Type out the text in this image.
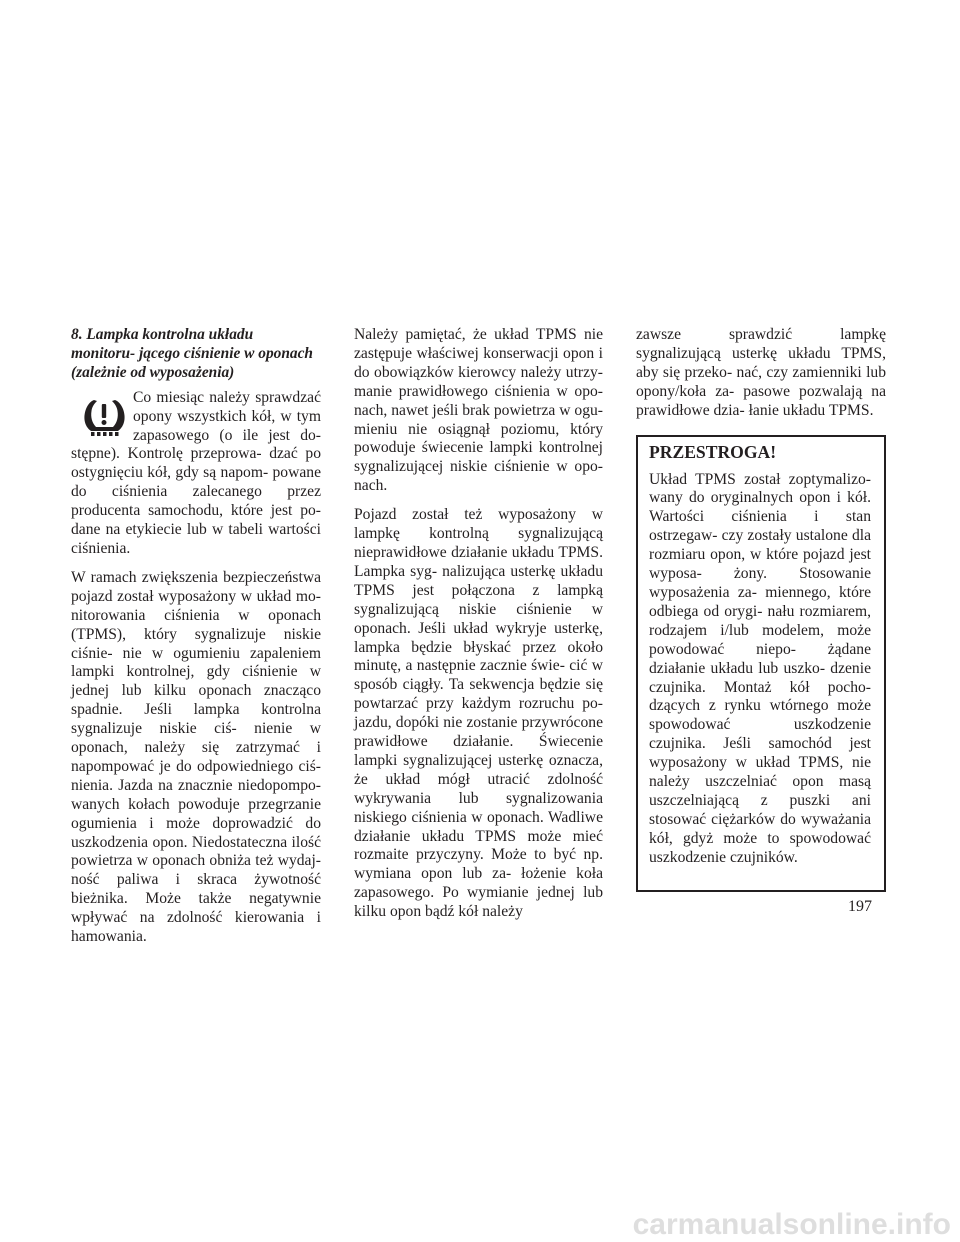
8. Lampka kontrolna układu monitoru- jącego ciśnienie w oponach (zależnie od wyposażenia)

Co miesiąc należy sprawdzać opony wszystkich kół, w tym zapasowego (o ile jest do- stępne). Kontrolę przeprowa- dzać po ostygnięciu kół, gdy są napom- powane do ciśnienia zalecanego przez producenta samochodu, które jest po- dane na etykiecie lub w tabeli wartości ciśnienia.

W ramach zwiększenia bezpieczeństwa pojazd został wyposażony w układ mo- nitorowania ciśnienia w oponach (TPMS), który sygnalizuje niskie ciśnie- nie w ogumieniu zapaleniem lampki kontrolnej, gdy ciśnienie w jednej lub kilku oponach znacząco spadnie. Jeśli lampka kontrolna sygnalizuje niskie ciś- nienie w oponach, należy się zatrzymać i napompować je do odpowiedniego ciś- nienia. Jazda na znacznie niedopompo- wanych kołach powoduje przegrzanie ogumienia i może doprowadzić do uszkodzenia opon. Niedostateczna ilość powietrza w oponach obniża też wydaj- ność paliwa i skraca żywotność bieżnika. Może także negatywnie wpływać na zdolność kierowania i hamowania.

Należy pamiętać, że układ TPMS nie zastępuje właściwej konserwacji opon i do obowiązków kierowcy należy utrzy- manie prawidłowego ciśnienia w opo- nach, nawet jeśli brak powietrza w ogu- mieniu nie osiągnął poziomu, który powoduje świecenie lampki kontrolnej sygnalizującej niskie ciśnienie w opo- nach.

Pojazd został też wyposażony w lampkę kontrolną sygnalizującą nieprawidłowe działanie układu TPMS. Lampka syg- nalizująca usterkę układu TPMS jest połączona z lampką sygnalizującą niskie ciśnienie w oponach. Jeśli układ wykryje usterkę, lampka będzie błyskać przez około minutę, a następnie zacznie świe- cić w sposób ciągły. Ta sekwencja będzie się powtarzać przy każdym rozruchu po- jazdu, dopóki nie zostanie przywrócone prawidłowe działanie. Świecenie lampki sygnalizującej usterkę oznacza, że układ mógł utracić zdolność wykrywania lub sygnalizowania niskiego ciśnienia w oponach. Wadliwe działanie układu TPMS może mieć rozmaite przyczyny. Może to być np. wymiana opon lub za- łożenie koła zapasowego. Po wymianie jednej lub kilku opon bądź kół należy

zawsze sprawdzić lampkę sygnalizującą usterkę układu TPMS, aby się przeko- nać, czy zamienniki lub opony/koła za- pasowe pozwalają na prawidłowe dzia- łanie układu TPMS.

PRZESTROGA!

Układ TPMS został zoptymalizo- wany do oryginalnych opon i kół. Wartości ciśnienia i stan ostrzegaw- czy zostały ustalone dla rozmiaru opon, w które pojazd jest wyposa- żony. Stosowanie wyposażenia za- miennego, które odbiega od orygi- nału rozmiarem, rodzajem i/lub modelem, może powodować niepo- żądane działanie układu lub uszko- dzenie czujnika. Montaż kół pocho- dzących z rynku wtórnego może spowodować uszkodzenie czujnika. Jeśli samochód jest wyposażony w układ TPMS, nie należy uszczelniać opon masą uszczelniającą z puszki ani stosować ciężarków do wyważania kół, gdyż może to spowodować uszkodzenie czujników.

197
carmanualsonline.info
